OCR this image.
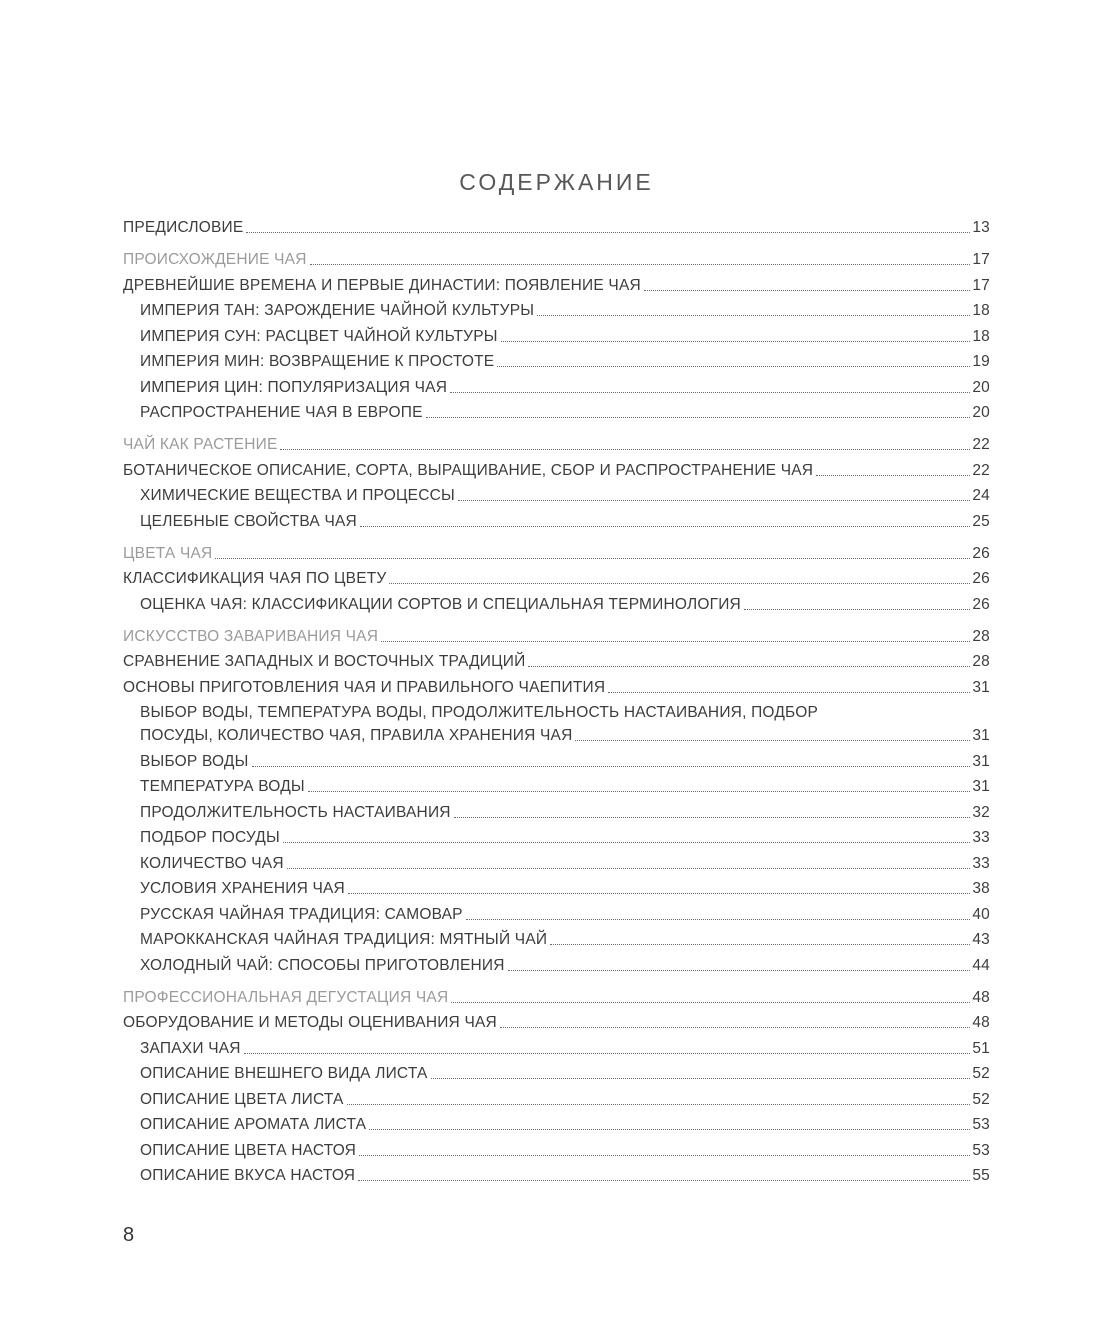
СОДЕРЖАНИЕ
ПРЕДИСЛОВИЕ	13
ПРОИСХОЖДЕНИЕ ЧАЯ	17
ДРЕВНЕЙШИЕ ВРЕМЕНА И ПЕРВЫЕ ДИНАСТИИ: ПОЯВЛЕНИЕ ЧАЯ	17
ИМПЕРИЯ ТАН: ЗАРОЖДЕНИЕ ЧАЙНОЙ КУЛЬТУРЫ	18
ИМПЕРИЯ СУН: РАСЦВЕТ ЧАЙНОЙ КУЛЬТУРЫ	18
ИМПЕРИЯ МИН: ВОЗВРАЩЕНИЕ К ПРОСТОТЕ	19
ИМПЕРИЯ ЦИН: ПОПУЛЯРИЗАЦИЯ ЧАЯ	20
РАСПРОСТРАНЕНИЕ ЧАЯ В ЕВРОПЕ	20
ЧАЙ КАК РАСТЕНИЕ	22
БОТАНИЧЕСКОЕ ОПИСАНИЕ, СОРТА, ВЫРАЩИВАНИЕ, СБОР И РАСПРОСТРАНЕНИЕ ЧАЯ	22
ХИМИЧЕСКИЕ ВЕЩЕСТВА И ПРОЦЕССЫ	24
ЦЕЛЕБНЫЕ СВОЙСТВА ЧАЯ	25
ЦВЕТА ЧАЯ	26
КЛАССИФИКАЦИЯ ЧАЯ ПО ЦВЕТУ	26
ОЦЕНКА ЧАЯ: КЛАССИФИКАЦИИ СОРТОВ И СПЕЦИАЛЬНАЯ ТЕРМИНОЛОГИЯ	26
ИСКУССТВО ЗАВАРИВАНИЯ ЧАЯ	28
СРАВНЕНИЕ ЗАПАДНЫХ И ВОСТОЧНЫХ ТРАДИЦИЙ	28
ОСНОВЫ ПРИГОТОВЛЕНИЯ ЧАЯ И ПРАВИЛЬНОГО ЧАЕПИТИЯ	31
ВЫБОР ВОДЫ, ТЕМПЕРАТУРА ВОДЫ, ПРОДОЛЖИТЕЛЬНОСТЬ НАСТАИВАНИЯ, ПОДБОР
ПОСУДЫ, КОЛИЧЕСТВО ЧАЯ, ПРАВИЛА ХРАНЕНИЯ ЧАЯ	31
ВЫБОР ВОДЫ	31
ТЕМПЕРАТУРА ВОДЫ	31
ПРОДОЛЖИТЕЛЬНОСТЬ НАСТАИВАНИЯ	32
ПОДБОР ПОСУДЫ	33
КОЛИЧЕСТВО ЧАЯ	33
УСЛОВИЯ ХРАНЕНИЯ ЧАЯ	38
РУССКАЯ ЧАЙНАЯ ТРАДИЦИЯ: САМОВАР	40
МАРОККАНСКАЯ ЧАЙНАЯ ТРАДИЦИЯ: МЯТНЫЙ ЧАЙ	43
ХОЛОДНЫЙ ЧАЙ: СПОСОБЫ ПРИГОТОВЛЕНИЯ	44
ПРОФЕССИОНАЛЬНАЯ ДЕГУСТАЦИЯ ЧАЯ	48
ОБОРУДОВАНИЕ И МЕТОДЫ ОЦЕНИВАНИЯ ЧАЯ	48
ЗАПАХИ ЧАЯ	51
ОПИСАНИЕ ВНЕШНЕГО ВИДА ЛИСТА	52
ОПИСАНИЕ ЦВЕТА ЛИСТА	52
ОПИСАНИЕ АРОМАТА ЛИСТА	53
ОПИСАНИЕ ЦВЕТА НАСТОЯ	53
ОПИСАНИЕ ВКУСА НАСТОЯ	55
8
